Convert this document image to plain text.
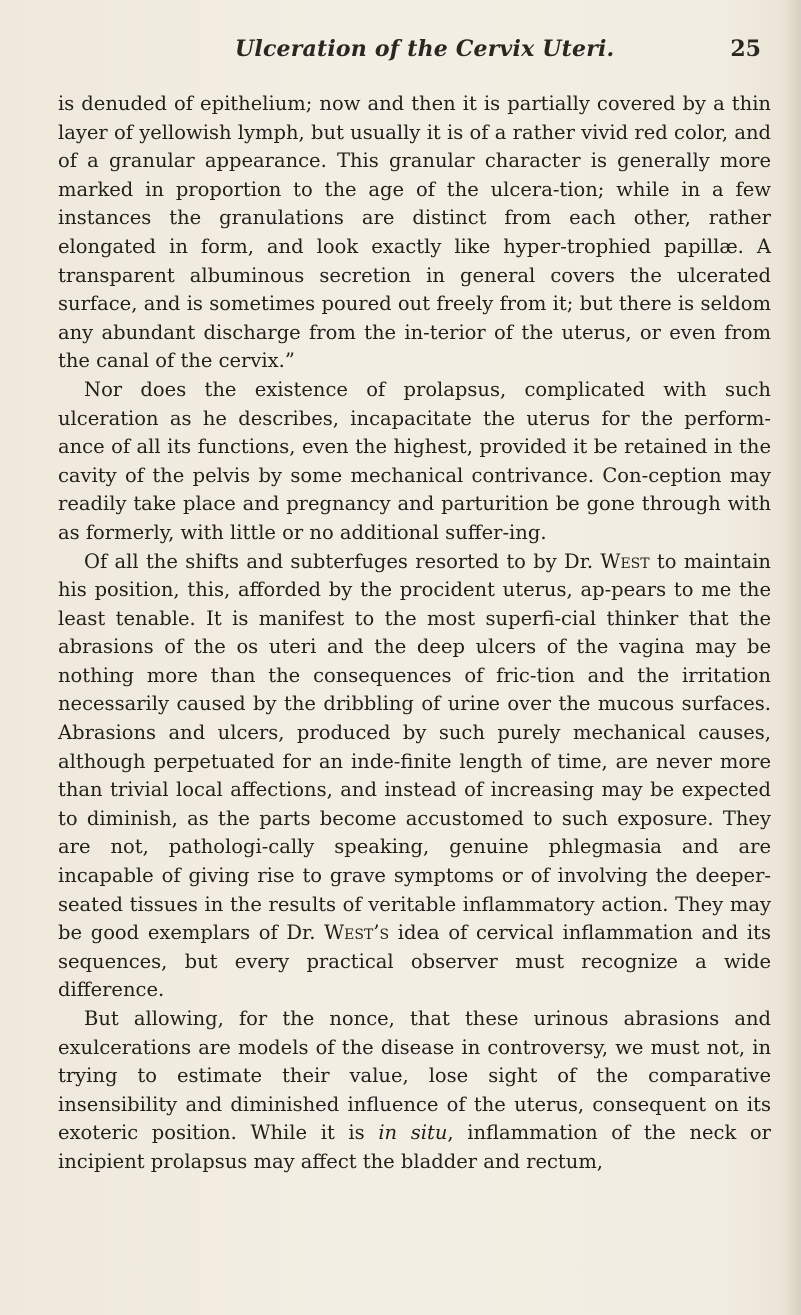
Ulceration of the Cervix Uteri.	25

is denuded of epithelium; now and then it is partially covered by a thin layer of yellowish lymph, but usually it is of a rather vivid red color, and of a granular appearance. This granular character is generally more marked in proportion to the age of the ulcera-tion; while in a few instances the granulations are distinct from each other, rather elongated in form, and look exactly like hyper-trophied papillæ. A transparent albuminous secretion in general covers the ulcerated surface, and is sometimes poured out freely from it; but there is seldom any abundant discharge from the in-terior of the uterus, or even from the canal of the cervix.”

Nor does the existence of prolapsus, complicated with such ulceration as he describes, incapacitate the uterus for the perform-ance of all its functions, even the highest, provided it be retained in the cavity of the pelvis by some mechanical contrivance. Con-ception may readily take place and pregnancy and parturition be gone through with as formerly, with little or no additional suffer-ing.

Of all the shifts and subterfuges resorted to by Dr. West to maintain his position, this, afforded by the procident uterus, ap-pears to me the least tenable. It is manifest to the most superfi-cial thinker that the abrasions of the os uteri and the deep ulcers of the vagina may be nothing more than the consequences of fric-tion and the irritation necessarily caused by the dribbling of urine over the mucous surfaces. Abrasions and ulcers, produced by such purely mechanical causes, although perpetuated for an inde-finite length of time, are never more than trivial local affections, and instead of increasing may be expected to diminish, as the parts become accustomed to such exposure. They are not, pathologi-cally speaking, genuine phlegmasia and are incapable of giving rise to grave symptoms or of involving the deeper-seated tissues in the results of veritable inflammatory action. They may be good exemplars of Dr. West’s idea of cervical inflammation and its sequences, but every practical observer must recognize a wide difference.

But allowing, for the nonce, that these urinous abrasions and exulcerations are models of the disease in controversy, we must not, in trying to estimate their value, lose sight of the comparative insensibility and diminished influence of the uterus, consequent on its exoteric position. While it is in situ, inflammation of the neck or incipient prolapsus may affect the bladder and rectum,
